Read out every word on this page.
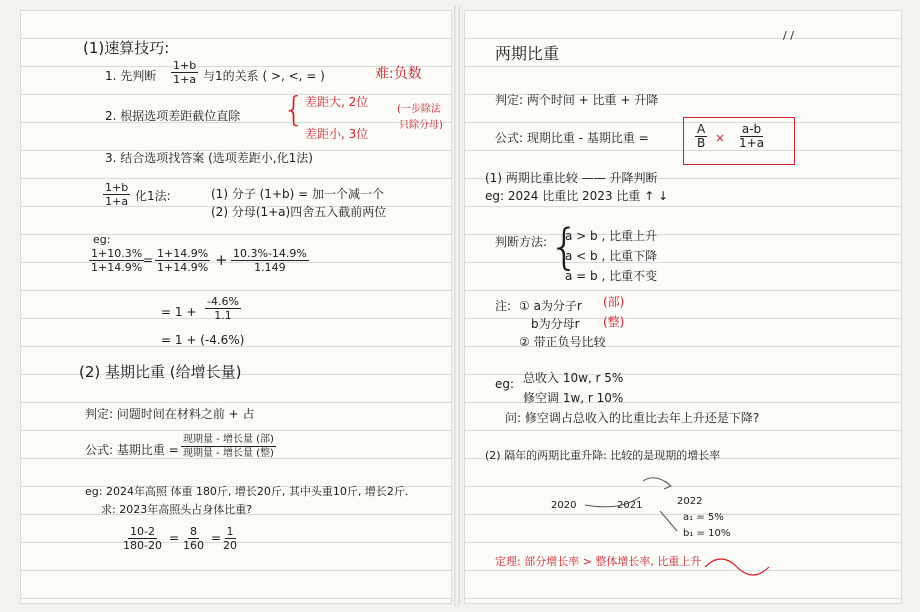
(1)速算技巧:
1. 先判断 $\frac{1+b}{1+a}$ 与1的关系 ( >, <, = )	难:负数
2. 根据选项差距截位直除 { 差距大, 2位
差距小, 3位
(一步除法
只除分母)
3. 结合选项找答案 (选项差距小,化1法)
$\frac{1+b}{1+a}$ 化1法:	(1) 分子 (1+b) = 加一个减一个
(2) 分母(1+a)四舍五入截前两位
eg:
$\frac{1+10.3\%}{1+14.9\%}$
= $\frac{1+14.9\%}{1+14.9\%} + \frac{10.3\%-14.9\%}{1.149}$
= $1 + \frac{-4.6\%}{1.1}$
= 1 + (-4.6%)
(2) 基期比重 (给增长量)
判定: 问题时间在材料之前 + 占
公式: 基期比重 =
现期量 - 增长量 (部)
现期量 - 增长量 (整)
eg: 2024年高照 体重 180斤, 增长20斤, 其中头重10斤, 增长2斤.
求: 2023年高照头占身体比重?
$\frac{10-2}{180-20} = \frac{8}{160} = \frac{1}{20}$
/ /
两期比重
判定: 两个时间 + 比重 + 升降
公式: 现期比重 - 基期比重 =	$\frac{A}{B} \times \frac{a-b}{1+a}$
(1) 两期比重比较 —— 升降判断
eg: 2024 比重比 2023 比重 ↑ ↓
判断方法: {
a > b , 比重上升
a < b , 比重下降
a = b , 比重不变
注: ① a为分子r (部)
b为分母r (整)
② 带正负号比较
eg: 总收入 10w, r 5%
修空调 1w, r 10%
问: 修空调占总收入的比重比去年上升还是下降?
(2) 隔年的两期比重升降: 比较的是现期的增长率
2020	2021	2022
a₁ = 5%
b₁ = 10%
定理: 部分增长率 > 整体增长率, 比重上升
